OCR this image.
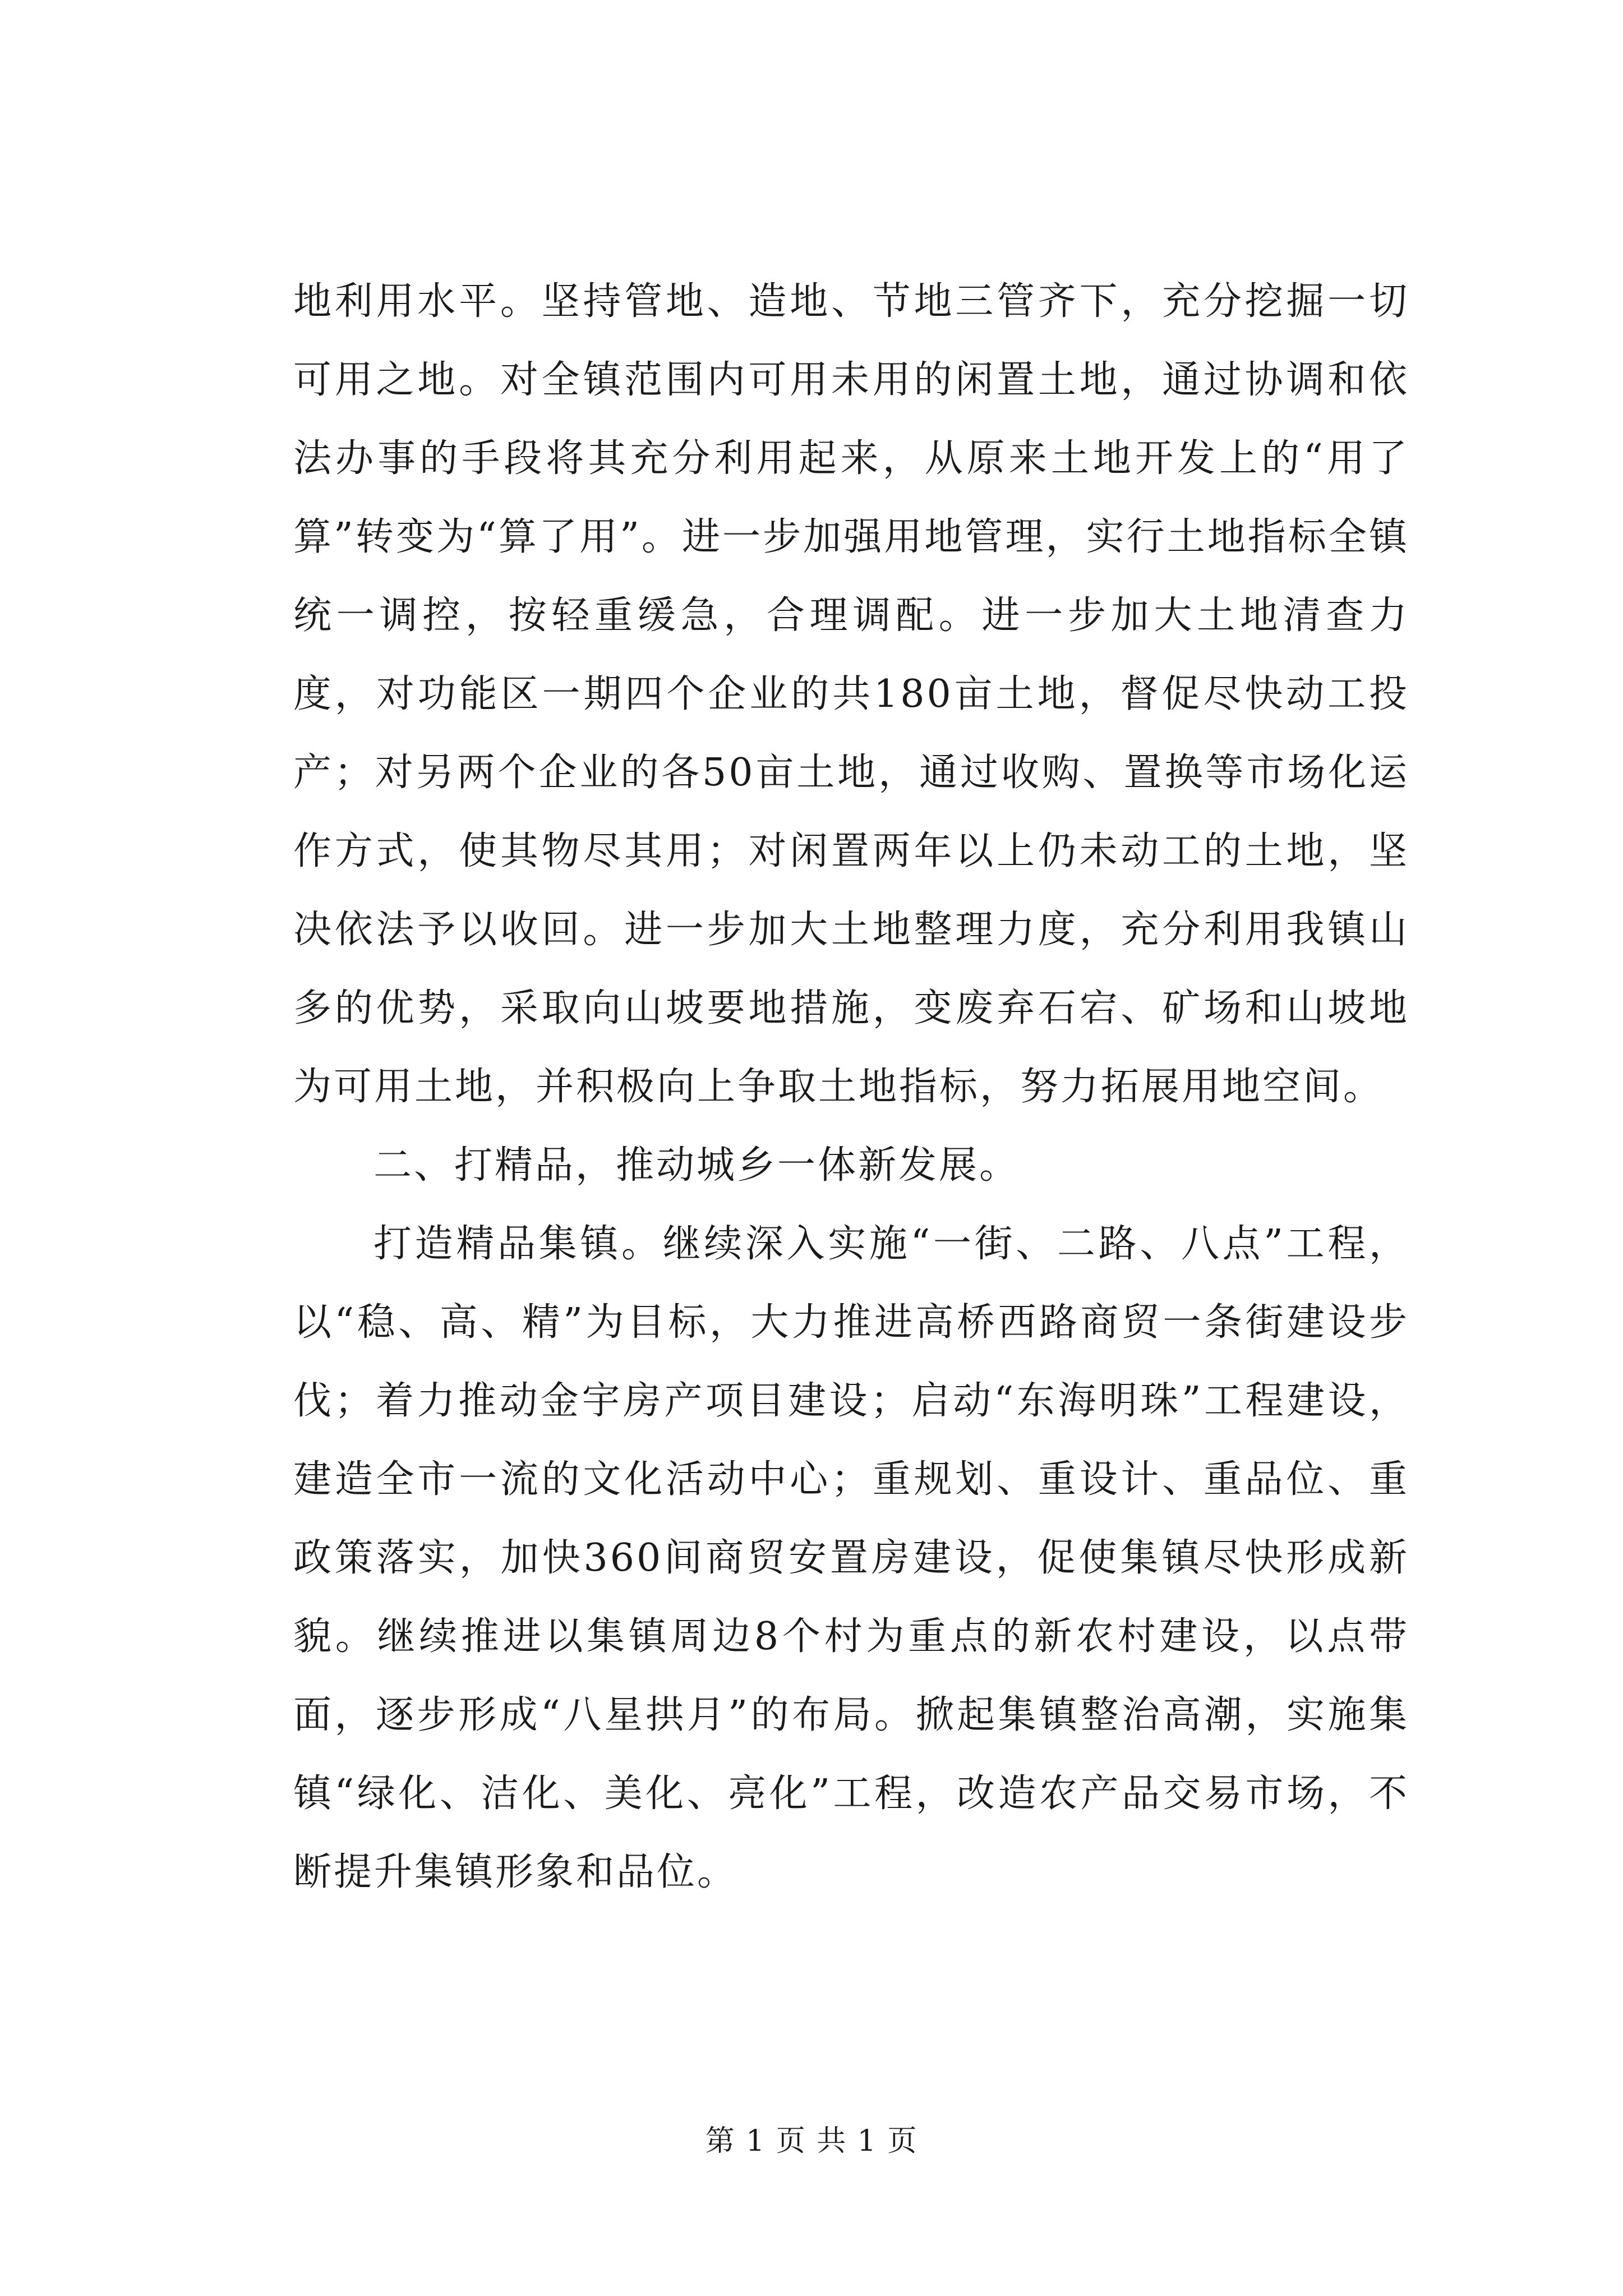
地利用水平。坚持管地、造地、节地三管齐下，充分挖掘一切可用之地。对全镇范围内可用未用的闲置土地，通过协调和依法办事的手段将其充分利用起来，从原来土地开发上的“用了算”转变为“算了用”。进一步加强用地管理，实行土地指标全镇统一调控，按轻重缓急，合理调配。进一步加大土地清查力度，对功能区一期四个企业的共180亩土地，督促尽快动工投产；对另两个企业的各50亩土地，通过收购、置换等市场化运作方式，使其物尽其用；对闲置两年以上仍未动工的土地，坚决依法予以收回。进一步加大土地整理力度，充分利用我镇山多的优势，采取向山坡要地措施，变废弃石宕、矿场和山坡地为可用土地，并积极向上争取土地指标，努力拓展用地空间。

二、打精品，推动城乡一体新发展。

打造精品集镇。继续深入实施“一街、二路、八点”工程，以“稳、高、精”为目标，大力推进高桥西路商贸一条街建设步伐；着力推动金宇房产项目建设；启动“东海明珠”工程建设，建造全市一流的文化活动中心；重规划、重设计、重品位、重政策落实，加快360间商贸安置房建设，促使集镇尽快形成新貌。继续推进以集镇周边8个村为重点的新农村建设，以点带面，逐步形成“八星拱月”的布局。掀起集镇整治高潮，实施集镇“绿化、洁化、美化、亮化”工程，改造农产品交易市场，不断提升集镇形象和品位。

第 1 页 共 1 页
